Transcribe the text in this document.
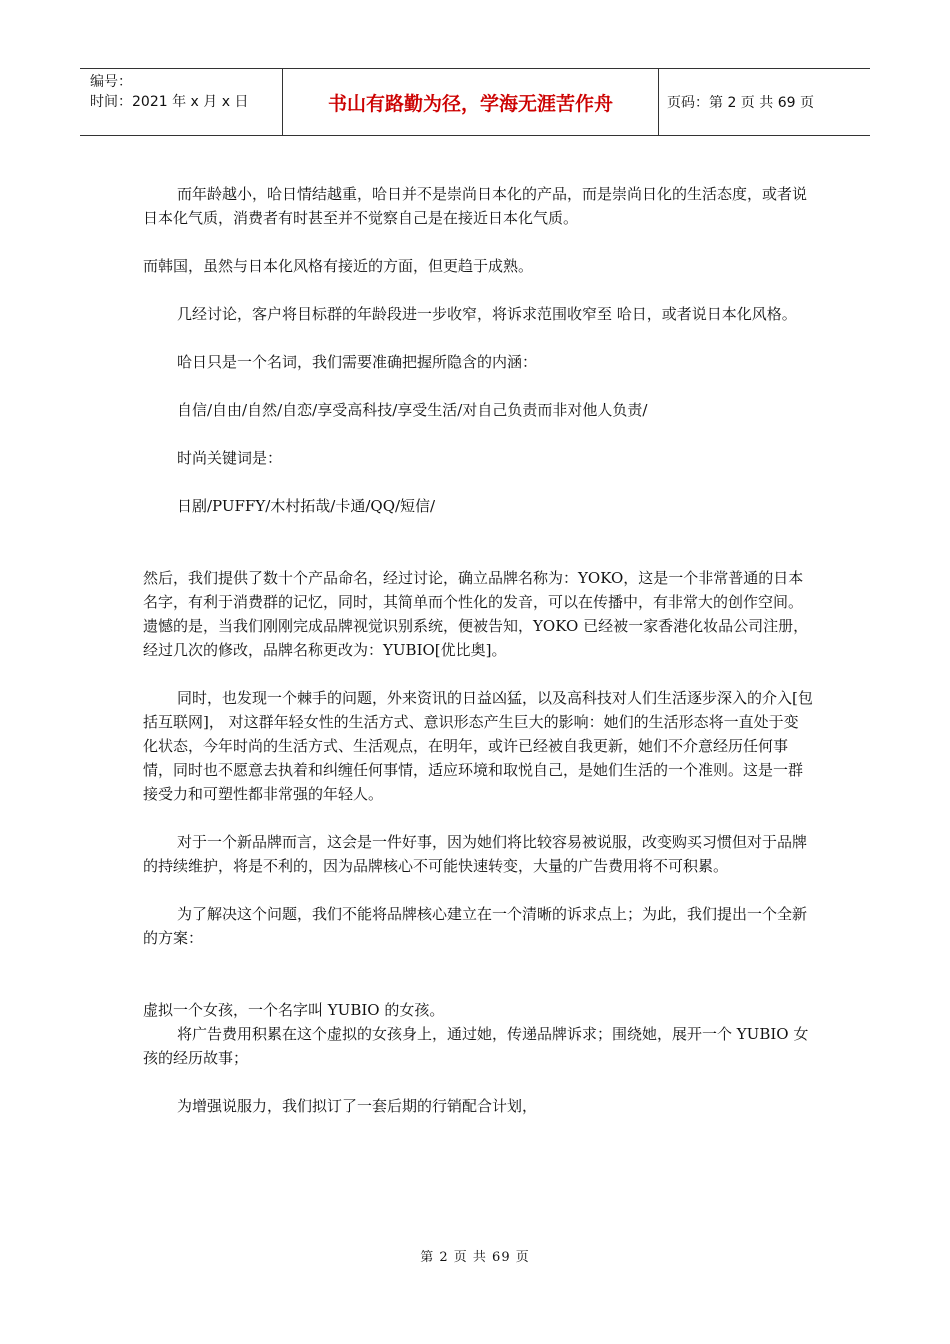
编号：
时间：2021 年 x 月 x 日	书山有路勤为径，学海无涯苦作舟	页码：第 2 页 共 69 页

而年龄越小，哈日情结越重，哈日并不是崇尚日本化的产品，而是崇尚日化的生活态度，或者说日本化气质，消费者有时甚至并不觉察自己是在接近日本化气质。

而韩国，虽然与日本化风格有接近的方面，但更趋于成熟。

几经讨论，客户将目标群的年龄段进一步收窄，将诉求范围收窄至 哈日，或者说日本化风格。

哈日只是一个名词，我们需要准确把握所隐含的内涵：

自信/自由/自然/自恋/享受高科技/享受生活/对自己负责而非对他人负责/

时尚关键词是：

日剧/PUFFY/木村拓哉/卡通/QQ/短信/

然后，我们提供了数十个产品命名，经过讨论，确立品牌名称为：YOKO，这是一个非常普通的日本名字，有利于消费群的记忆，同时，其简单而个性化的发音，可以在传播中，有非常大的创作空间。遗憾的是，当我们刚刚完成品牌视觉识别系统，便被告知，YOKO 已经被一家香港化妆品公司注册，经过几次的修改，品牌名称更改为：YUBIO[优比奥]。

同时，也发现一个棘手的问题，外来资讯的日益凶猛，以及高科技对人们生活逐步深入的介入[包括互联网]， 对这群年轻女性的生活方式、意识形态产生巨大的影响：她们的生活形态将一直处于变化状态，今年时尚的生活方式、生活观点，在明年，或许已经被自我更新，她们不介意经历任何事情，同时也不愿意去执着和纠缠任何事情，适应环境和取悦自己，是她们生活的一个准则。这是一群接受力和可塑性都非常强的年轻人。

对于一个新品牌而言，这会是一件好事，因为她们将比较容易被说服，改变购买习惯但对于品牌的持续维护，将是不利的，因为品牌核心不可能快速转变，大量的广告费用将不可积累。

为了解决这个问题，我们不能将品牌核心建立在一个清晰的诉求点上；为此，我们提出一个全新的方案：

虚拟一个女孩，一个名字叫 YUBIO 的女孩。

将广告费用积累在这个虚拟的女孩身上，通过她，传递品牌诉求；围绕她，展开一个 YUBIO 女孩的经历故事；

为增强说服力，我们拟订了一套后期的行销配合计划，

第 2 页 共 69 页
